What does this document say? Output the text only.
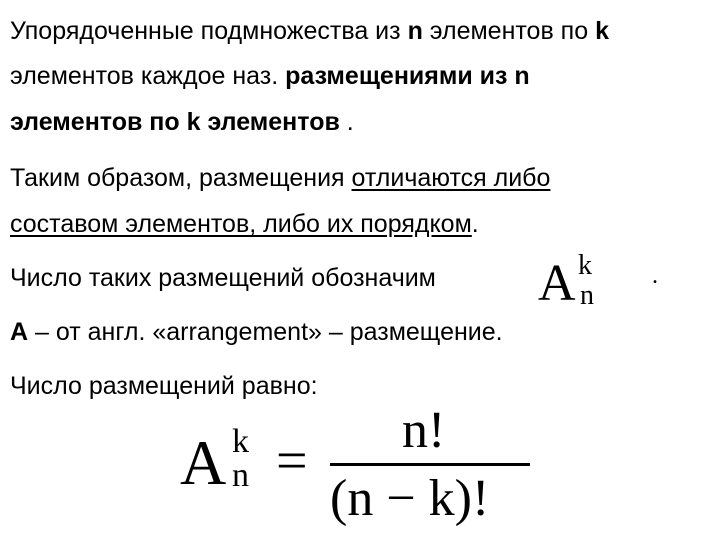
Упорядоченные подмножества из n элементов по k
элементов каждое наз. размещениями из n
элементов по k элементов .
Таким образом, размещения отличаются либо
составом элементов, либо их порядком.
Число таких размещений обозначим A k
n
.
А – от англ. «arrangement» – размещение.
Число размещений равно:
A k
n = n!
(n − k)!
